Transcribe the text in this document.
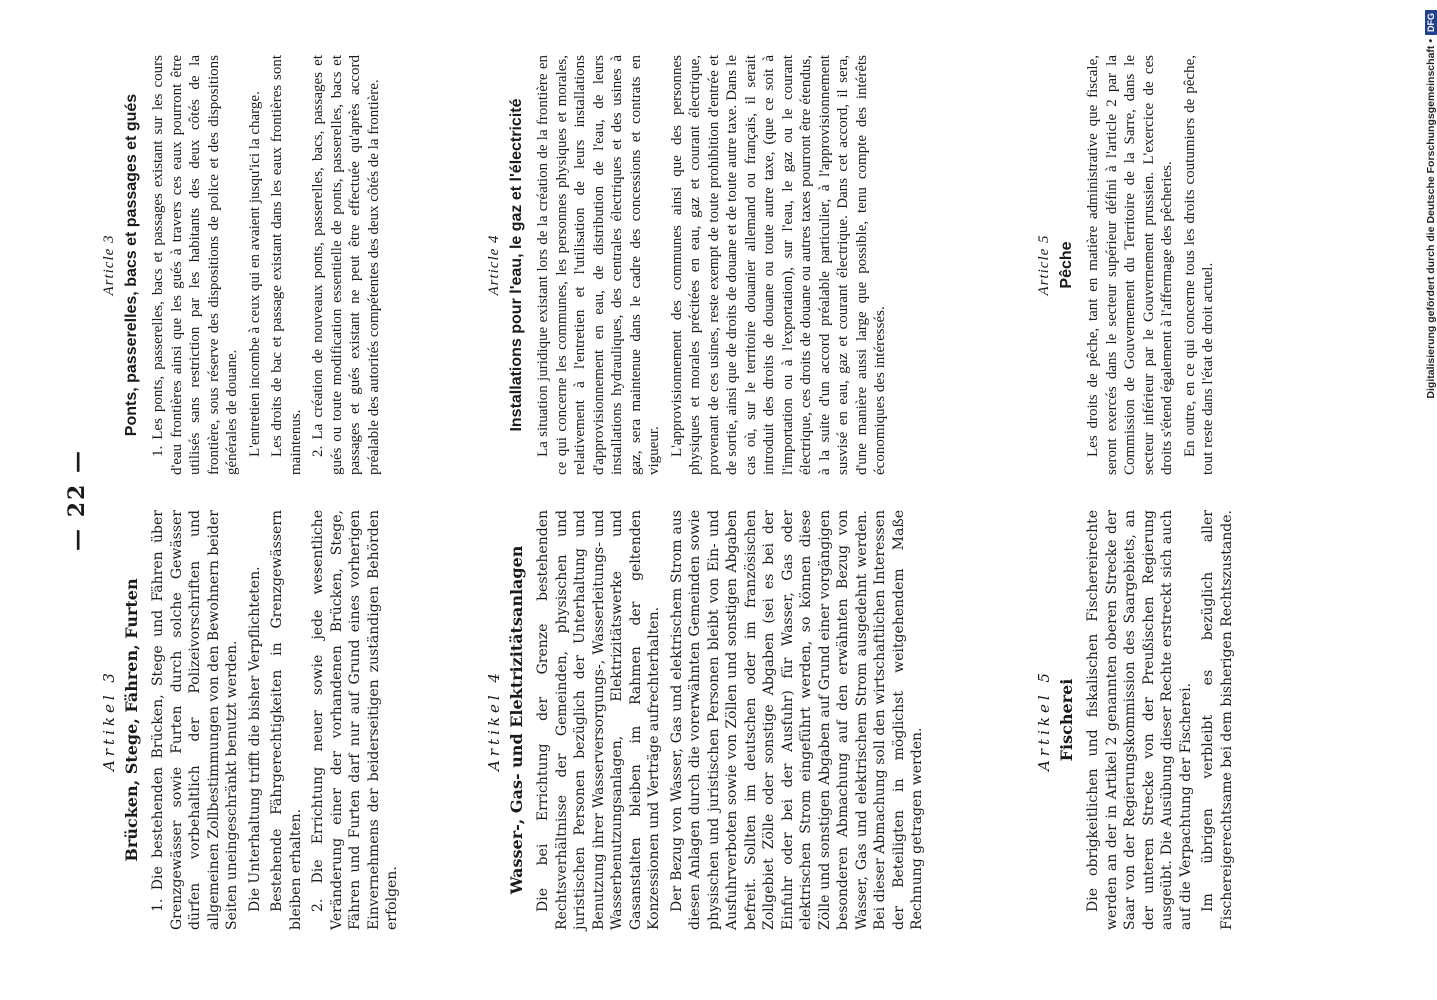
— 22 —
Artikel 3 Brücken, Stege, Fähren, Furten 1. Die bestehenden Brücken, Stege und Fähren über Grenzgewässer sowie Furten durch solche Gewässer dürfen vorbehaltlich der Polizeivorschriften und allgemeinen Zollbestimmungen von den Bewohnern beider Seiten uneingeschränkt benutzt werden. Die Unterhaltung trifft die bisher Verpflichteten. Bestehende Fährgerechtigkeiten in Grenzgewässern bleiben erhalten. 2. Die Errichtung neuer sowie jede wesentliche Veränderung einer der vorhandenen Brücken, Stege, Fähren und Furten darf nur auf Grund eines vorherigen Einvernehmens der beiderseitigen zuständigen Behörden erfolgen.

Artikel 4 Wasser-, Gas- und Elektrizitätsanlagen Die bei Errichtung der Grenze bestehenden Rechtsverhältnisse der Gemeinden, physischen und juristischen Personen bezüglich der Unterhaltung und Benutzung ihrer Wasserversorgungs-, Wasserleitungs- und Wasserbenutzungsanlagen, Elektrizitätswerke und Gasanstalten bleiben im Rahmen der geltenden Konzessionen und Verträge aufrechterhalten. Der Bezug von Wasser, Gas und elektrischem Strom aus diesen Anlagen durch die vorerwähnten Gemeinden sowie physischen und juristischen Personen bleibt von Ein- und Ausfuhrverboten sowie von Zöllen und sonstigen Abgaben befreit. Sollten im deutschen oder im französischen Zollgebiet Zölle oder sonstige Abgaben (sei es bei der Einfuhr oder bei der Ausfuhr) für Wasser, Gas oder elektrischen Strom eingeführt werden, so können diese Zölle und sonstigen Abgaben auf Grund einer vorgängigen besonderen Abmachung auf den erwähnten Bezug von Wasser, Gas und elektrischem Strom ausgedehnt werden. Bei dieser Abmachung soll den wirtschaftlichen Interessen der Beteiligten in möglichst weitgehendem Maße Rechnung getragen werden.

Artikel 5 Fischerei Die obrigkeitlichen und fiskalischen Fischereirechte werden an der in Artikel 2 genannten oberen Strecke der Saar von der Regierungskommission des Saargebiets, an der unteren Strecke von der Preußischen Regierung ausgeübt. Die Ausübung dieser Rechte erstreckt sich auch auf die Verpachtung der Fischerei. Im übrigen verbleibt es bezüglich aller Fischereigerechtsame bei dem bisherigen Rechtszustande.

Article 3 Ponts, passerelles, bacs et passages et gués 1. Les ponts, passerelles, bacs et passages existant sur les cours d'eau frontières ainsi que les gués à travers ces eaux pourront être utilisés sans restriction par les habitants des deux côtés de la frontière, sous réserve des dispositions de police et des dispositions générales de douane. L'entretien incombe à ceux qui en avaient jusqu'ici la charge. Les droits de bac et passage existant dans les eaux frontières sont maintenus. 2. La création de nouveaux ponts, passerelles, bacs, passages et gués ou toute modification essentielle de ponts, passerelles, bacs et passages et gués existant ne peut être effectuée qu'après accord préalable des autorités compétentes des deux côtés de la frontière.	Article 4 Installations pour l'eau, le gaz et l'électricité La situation juridique existant lors de la création de la frontière en ce qui concerne les communes, les personnes physiques et morales, relativement à l'entretien et l'utilisation de leurs installations d'approvisionnement en eau, de distribution de l'eau, de leurs installations hydrauliques, des centrales électriques et des usines à gaz, sera maintenue dans le cadre des concessions et contrats en vigueur. L'approvisionnement des communes ainsi que des personnes physiques et morales précitées en eau, gaz et courant électrique, provenant de ces usines, reste exempt de toute prohibition d'entrée et de sortie, ainsi que de droits de douane et de toute autre taxe. Dans le cas où, sur le territoire douanier allemand ou français, il serait introduit des droits de douane ou toute autre taxe, (que ce soit à l'importation ou à l'exportation), sur l'eau, le gaz ou le courant électrique, ces droits de douane ou autres taxes pourront être étendus, à la suite d'un accord préalable particulier, à l'approvisionnement susvisé en eau, gaz et courant électrique. Dans cet accord, il sera, d'une manière aussi large que possible, tenu compte des intérêts économiques des intéressés.

Article 5 Pêche Les droits de pêche, tant en matière administrative que fiscale, seront exercés dans le secteur supérieur défini à l'article 2 par la Commission de Gouvernement du Territoire de la Sarre, dans le secteur inférieur par le Gouvernement prussien. L'exercice de ces droits s'étend également à l'affermage des pêcheries. En outre, en ce qui concerne tous les droits coutumiers de pêche, tout reste dans l'état de droit actuel.	Digitalisierung gefördert durch die Deutsche Forschungsgemeinschaft •
DFG
